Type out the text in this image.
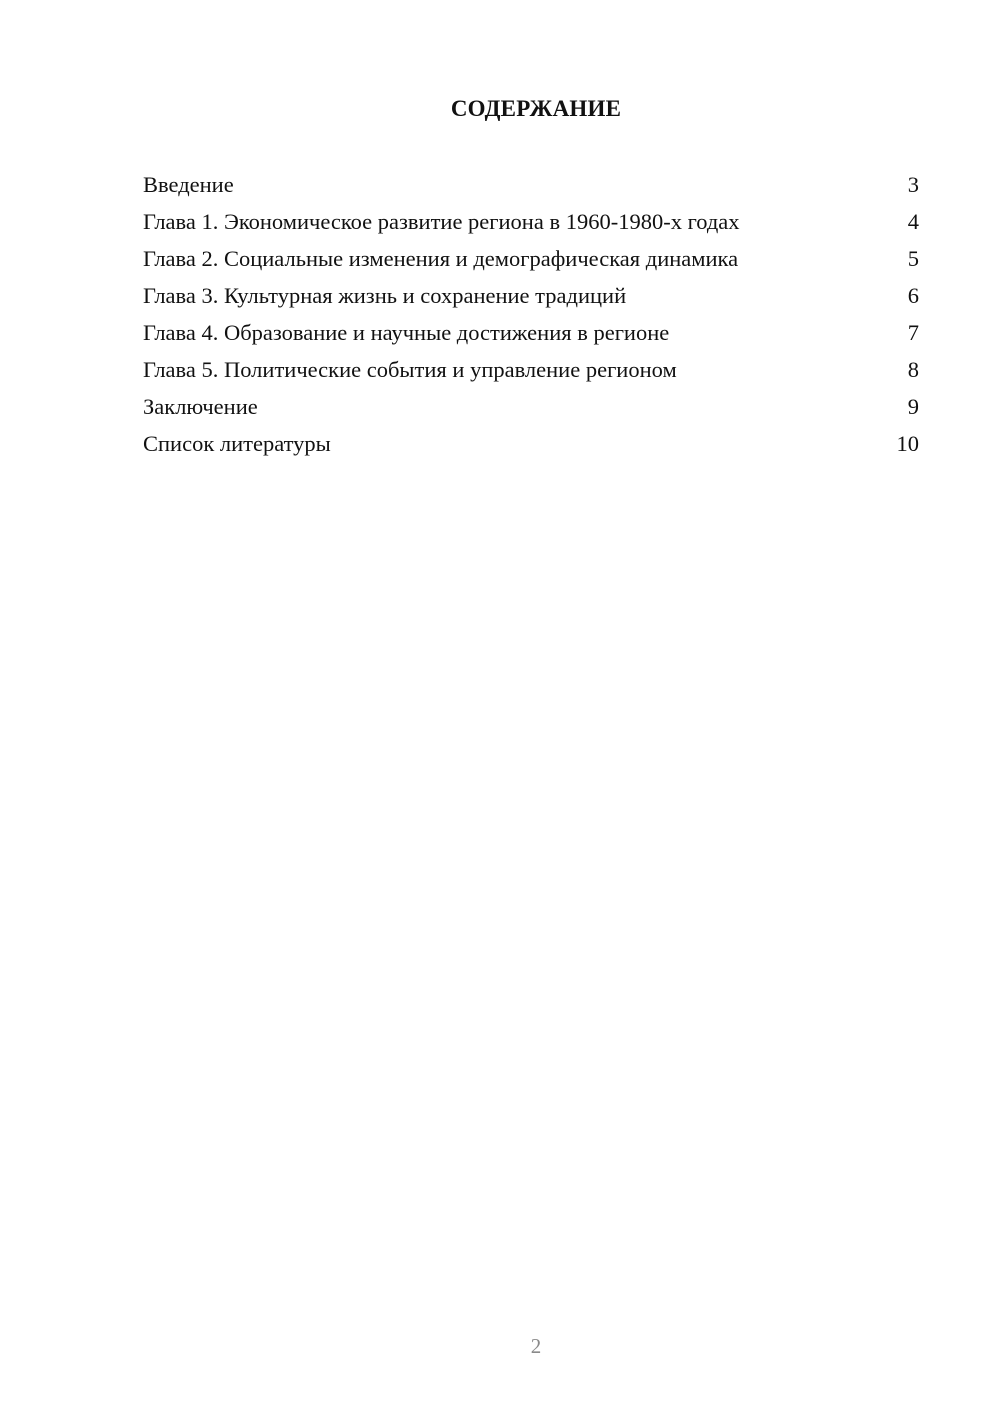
СОДЕРЖАНИЕ
Введение	3
Глава 1. Экономическое развитие региона в 1960-1980-х годах	4
Глава 2. Социальные изменения и демографическая динамика	5
Глава 3. Культурная жизнь и сохранение традиций	6
Глава 4. Образование и научные достижения в регионе	7
Глава 5. Политические события и управление регионом	8
Заключение	9
Список литературы	10
2
